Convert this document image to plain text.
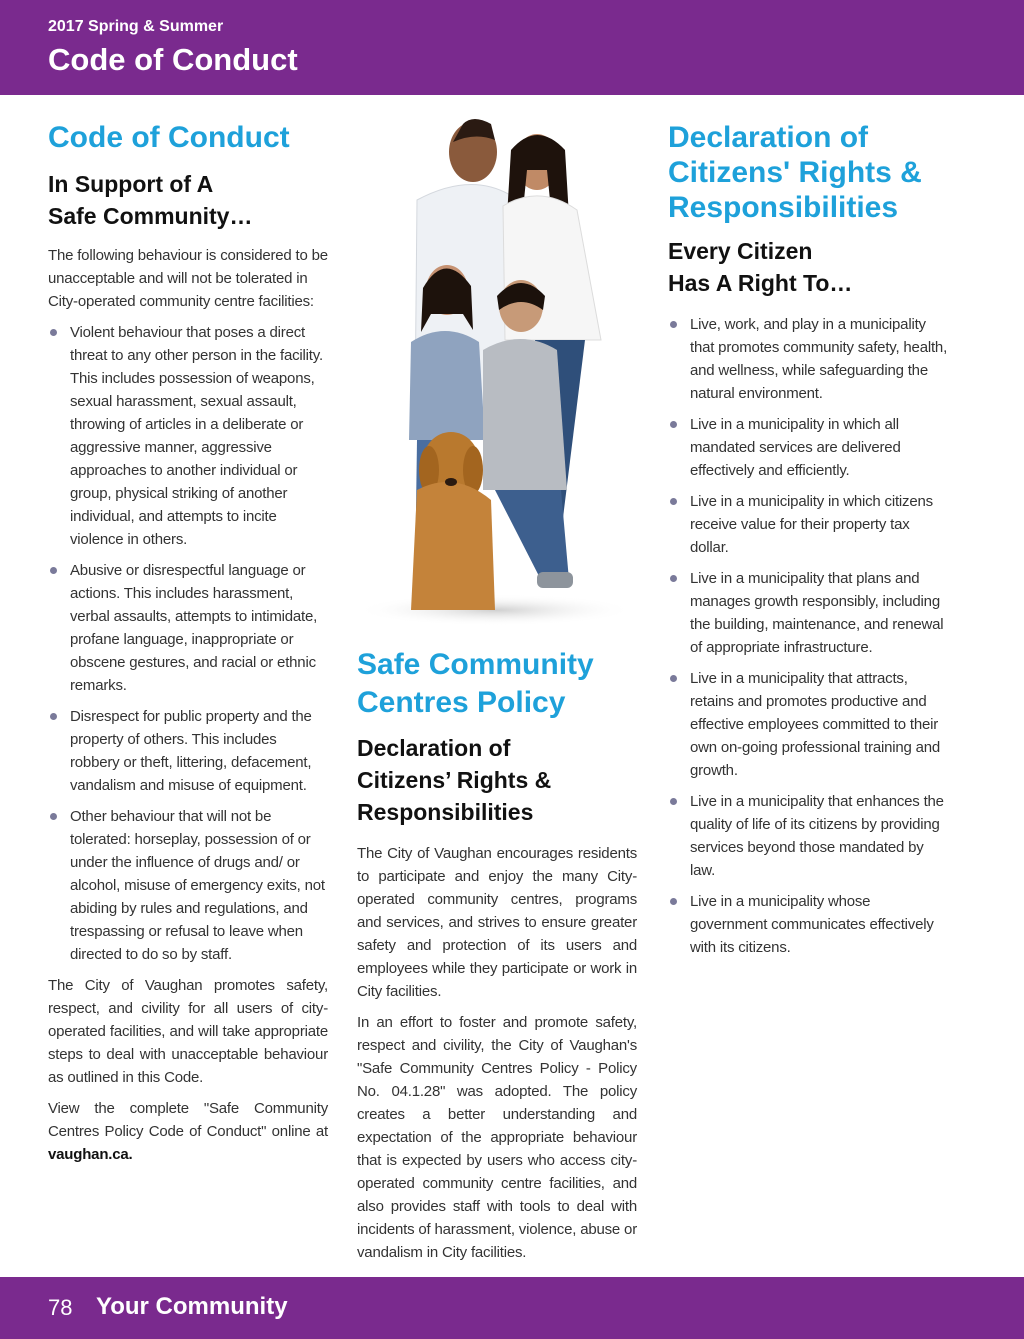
2017 Spring & Summer
Code of Conduct
Code of Conduct
In Support of A
Safe Community…

The following behaviour is considered to be unacceptable and will not be tolerated in City-operated community centre facilities:

Violent behaviour that poses a direct threat to any other person in the facility. This includes possession of weapons, sexual harassment, sexual assault, throwing of articles in a deliberate or aggressive manner, aggressive approaches to another individual or group, physical striking of another individual, and attempts to incite violence in others.
Abusive or disrespectful language or actions. This includes harassment, verbal assaults, attempts to intimidate, profane language, inappropriate or obscene gestures, and racial or ethnic remarks.
Disrespect for public property and the property of others. This includes robbery or theft, littering, defacement, vandalism and misuse of equipment.
Other behaviour that will not be tolerated: horseplay, possession of or under the influence of drugs and/ or alcohol, misuse of emergency exits, not abiding by rules and regulations, and trespassing or refusal to leave when directed to do so by staff.

The City of Vaughan promotes safety, respect, and civility for all users of city-operated facilities, and will take appropriate steps to deal with unacceptable behaviour as outlined in this Code.

View the complete "Safe Community Centres Policy Code of Conduct" online at vaughan.ca.

Safe Community
Centres Policy
Declaration of
Citizens’ Rights &
Responsibilities

The City of Vaughan encourages residents to participate and enjoy the many City-operated community centres, programs and services, and strives to ensure greater safety and protection of its users and employees while they participate or work in City facilities.

In an effort to foster and promote safety, respect and civility, the City of Vaughan's "Safe Community Centres Policy - Policy No. 04.1.28" was adopted. The policy creates a better understanding and expectation of the appropriate behaviour that is expected by users who access city-operated community centre facilities, and also provides staff with tools to deal with incidents of harassment, violence, abuse or vandalism in City facilities.

Declaration of
Citizens' Rights &
Responsibilities
Every Citizen
Has A Right To…
Live, work, and play in a municipality that promotes community safety, health, and wellness, while safeguarding the natural environment.
Live in a municipality in which all mandated services are delivered effectively and efficiently.
Live in a municipality in which citizens receive value for their property tax dollar.
Live in a municipality that plans and manages growth responsibly, including the building, maintenance, and renewal of appropriate infrastructure.
Live in a municipality that attracts, retains and promotes productive and effective employees committed to their own on-going professional training and growth.
Live in a municipality that enhances the quality of life of its citizens by providing services beyond those mandated by law.
Live in a municipality whose government communicates effectively with its citizens.
78 Your Community
